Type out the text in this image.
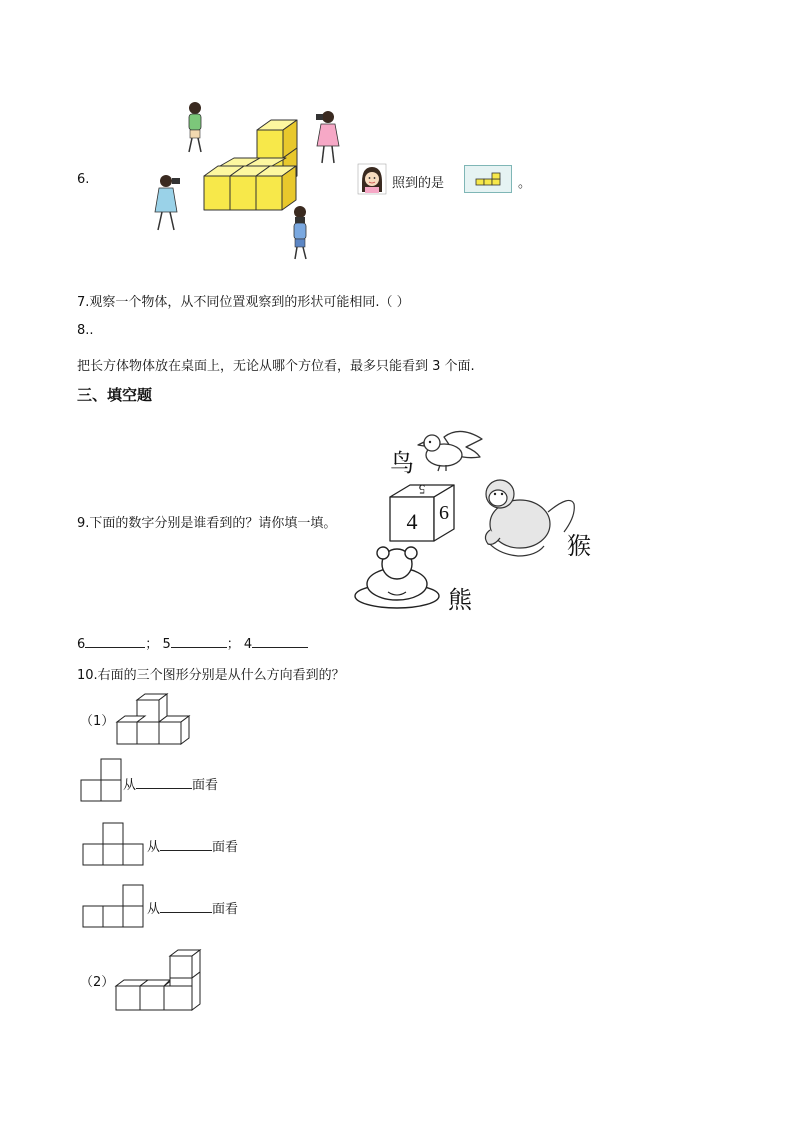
6.	照到的是	。
7.观察一个物体，从不同位置观察到的形状可能相同.（ ）
8..
把长方体物体放在桌面上，无论从哪个方位看，最多只能看到 3 个面.
三、填空题
9.下面的数字分别是谁看到的？请你填一填。
鸟
4 6
5
猴
熊
6	； 5	； 4
10.右面的三个图形分别是从什么方向看到的？
（1）
从	面看
从	面看
从	面看
（2）
